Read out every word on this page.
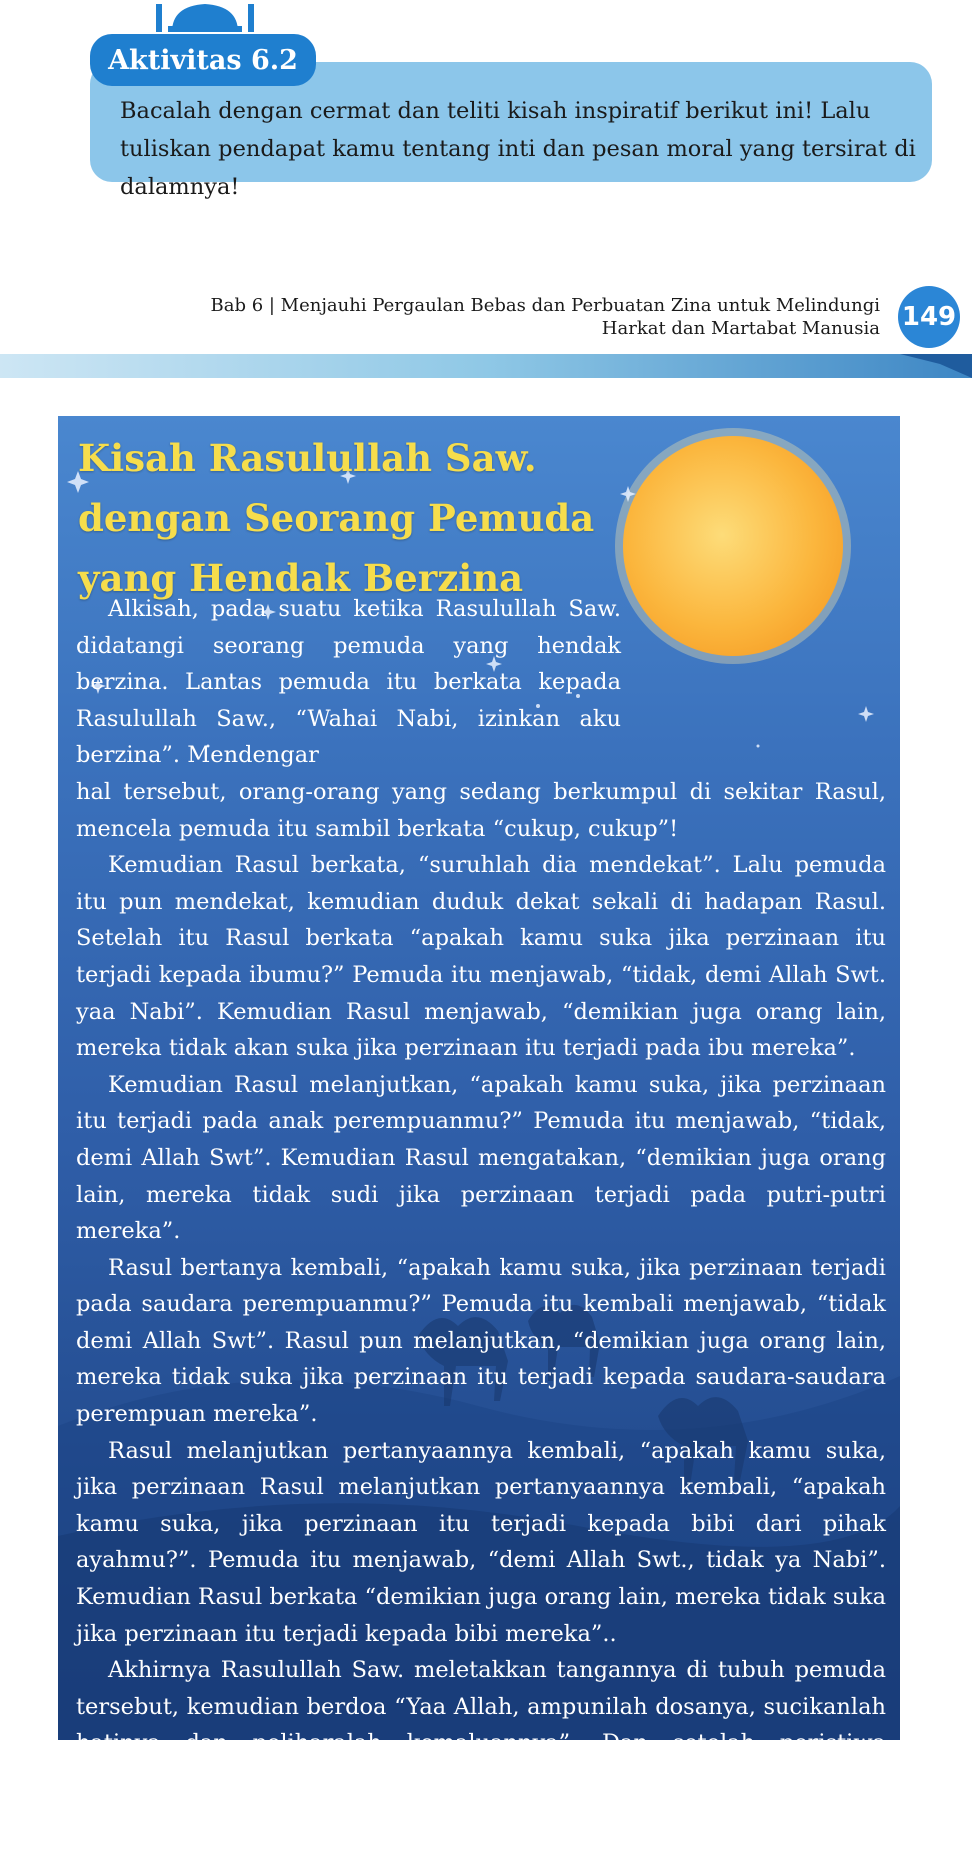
Aktivitas 6.2
Bacalah dengan cermat dan teliti kisah inspiratif berikut ini! Lalu tuliskan pendapat kamu tentang inti dan pesan moral yang tersirat di dalamnya!
Bab 6 | Menjauhi Pergaulan Bebas dan Perbuatan Zina untuk Melindungi Harkat dan Martabat Manusia 149
Kisah Rasulullah Saw. dengan Seorang Pemuda yang Hendak Berzina

Alkisah, pada suatu ketika Rasulullah Saw. didatangi seorang pemuda yang hendak berzina. Lantas pemuda itu berkata kepada Rasulullah Saw., “Wahai Nabi, izinkan aku berzina”. Mendengar

hal tersebut, orang-orang yang sedang berkumpul di sekitar Rasul, mencela pemuda itu sambil berkata “cukup, cukup”!

Kemudian Rasul berkata, “suruhlah dia mendekat”. Lalu pemuda itu pun mendekat, kemudian duduk dekat sekali di hadapan Rasul. Setelah itu Rasul berkata “apakah kamu suka jika perzinaan itu terjadi kepada ibumu?” Pemuda itu menjawab, “tidak, demi Allah Swt. yaa Nabi”. Kemudian Rasul menjawab, “demikian juga orang lain, mereka tidak akan suka jika perzinaan itu terjadi pada ibu mereka”.

Kemudian Rasul melanjutkan, “apakah kamu suka, jika perzinaan itu terjadi pada anak perempuanmu?” Pemuda itu menjawab, “tidak, demi Allah Swt”. Kemudian Rasul mengatakan, “demikian juga orang lain, mereka tidak sudi jika perzinaan terjadi pada putri-putri mereka”.

Rasul bertanya kembali, “apakah kamu suka, jika perzinaan terjadi pada saudara perempuanmu?” Pemuda itu kembali menjawab, “tidak demi Allah Swt”. Rasul pun melanjutkan, “demikian juga orang lain, mereka tidak suka jika perzinaan itu terjadi kepada saudara-saudara perempuan mereka”.

Rasul melanjutkan pertanyaannya kembali, “apakah kamu suka, jika perzinaan Rasul melanjutkan pertanyaannya kembali, “apakah kamu suka, jika perzinaan itu terjadi kepada bibi dari pihak ayahmu?”. Pemuda itu menjawab, “demi Allah Swt., tidak ya Nabi”. Kemudian Rasul berkata “demikian juga orang lain, mereka tidak suka jika perzinaan itu terjadi kepada bibi mereka”..

Akhirnya Rasulullah Saw. meletakkan tangannya di tubuh pemuda tersebut, kemudian berdoa “Yaa Allah, ampunilah dosanya, sucikanlah hatinya dan peliharalah kemaluannya”. Dan setelah peristiwa tersebut, pemuda itu tidak lagi terpikir untuk melakukan perbuatan zina dan tumbuh menjadi pemuda yang jujur, bertanggungjawab dan takut bermaksiat kepada Allah Swt. (H.R. Ahmad, No. 22211)
